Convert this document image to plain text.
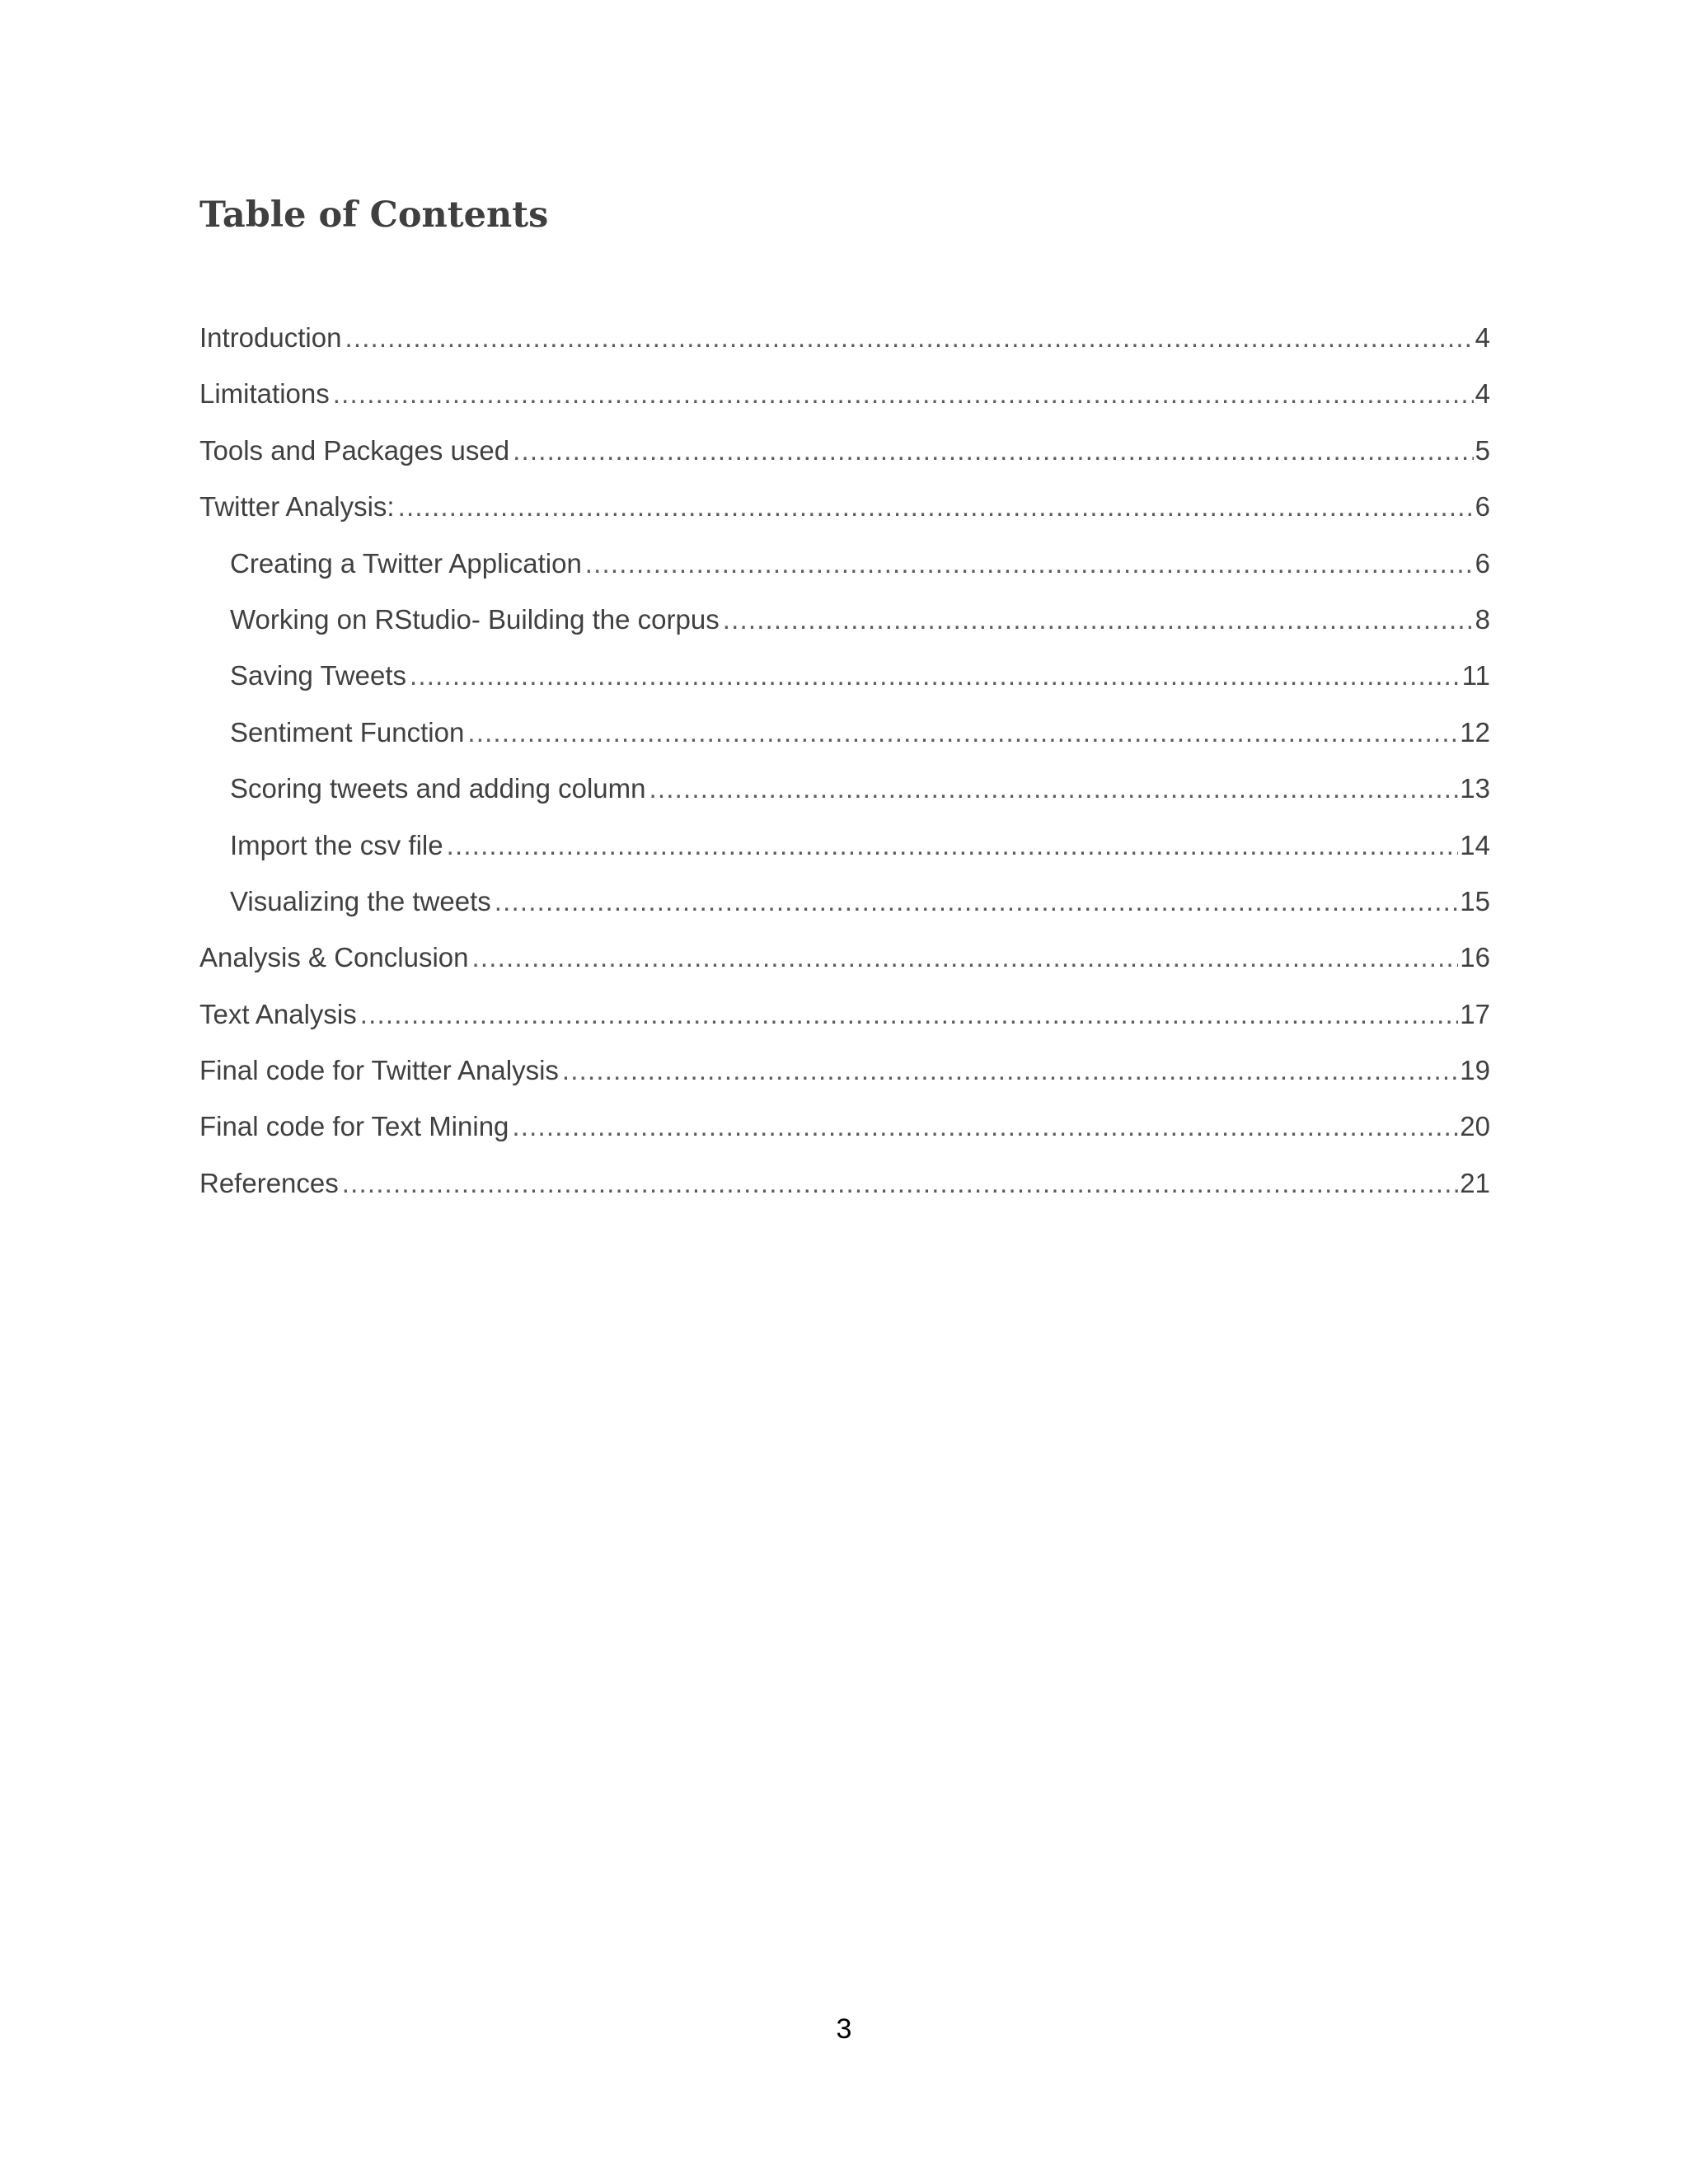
Table of Contents
Introduction .....	4
Limitations .....	4
Tools and Packages used .....	5
Twitter Analysis: .....	6
Creating a Twitter Application .....	6
Working on RStudio- Building the corpus .....	8
Saving Tweets .....	11
Sentiment Function .....	12
Scoring tweets and adding column .....	13
Import the csv file .....	14
Visualizing the tweets .....	15
Analysis & Conclusion .....	16
Text Analysis .....	17
Final code for Twitter Analysis .....	19
Final code for Text Mining .....	20
References .....	21
3
